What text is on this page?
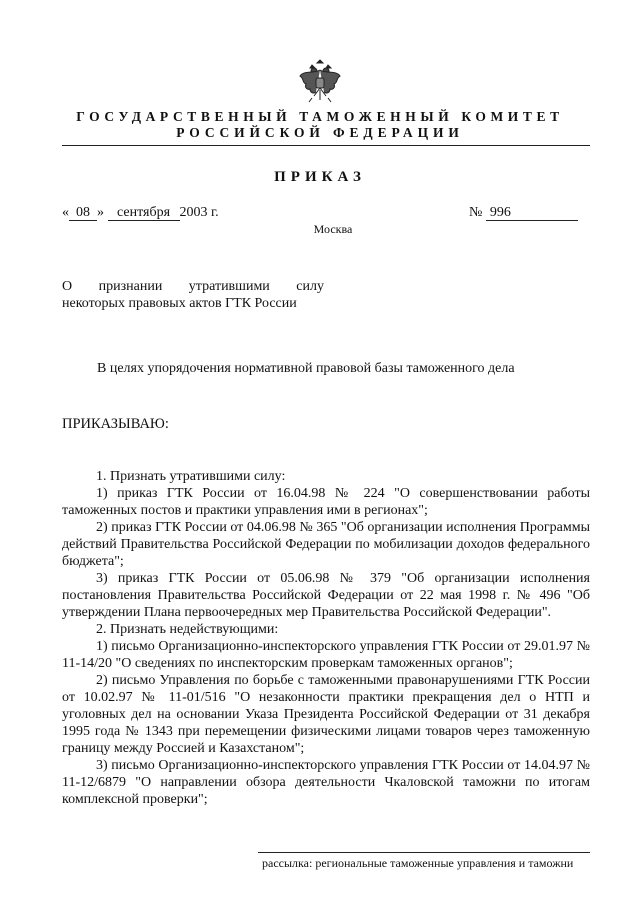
ГОСУДАРСТВЕННЫЙ ТАМОЖЕННЫЙ КОМИТЕТ
РОССИЙСКОЙ ФЕДЕРАЦИИ
ПРИКАЗ
« 08 » сентября 2003 г.	№ 996
Москва
О признании утратившими силу
некоторых правовых актов ГТК России
В целях упорядочения нормативной правовой базы таможенного дела
ПРИКАЗЫВАЮ:

1. Признать утратившими силу:

1) приказ ГТК России от 16.04.98 № 224 "О совершенствовании работы таможенных постов и практики управления ими в регионах";

2) приказ ГТК России от 04.06.98 № 365 "Об организации исполнения Программы действий Правительства Российской Федерации по мобилизации доходов федерального бюджета";

3) приказ ГТК России от 05.06.98 № 379 "Об организации исполнения постановления Правительства Российской Федерации от 22 мая 1998 г. № 496 "Об утверждении Плана первоочередных мер Правительства Российской Федерации".

2. Признать недействующими:

1) письмо Организационно-инспекторского управления ГТК России от 29.01.97 № 11-14/20 "О сведениях по инспекторским проверкам таможенных органов";

2) письмо Управления по борьбе с таможенными правонарушениями ГТК России от 10.02.97 № 11-01/516 "О незаконности практики прекращения дел о НТП и уголовных дел на основании Указа Президента Российской Федерации от 31 декабря 1995 года № 1343 при перемещении физическими лицами товаров через таможенную границу между Россией и Казахстаном";

3) письмо Организационно-инспекторского управления ГТК России от 14.04.97 № 11-12/6879 "О направлении обзора деятельности Чкаловской таможни по итогам комплексной проверки";

рассылка: региональные таможенные управления и таможни
